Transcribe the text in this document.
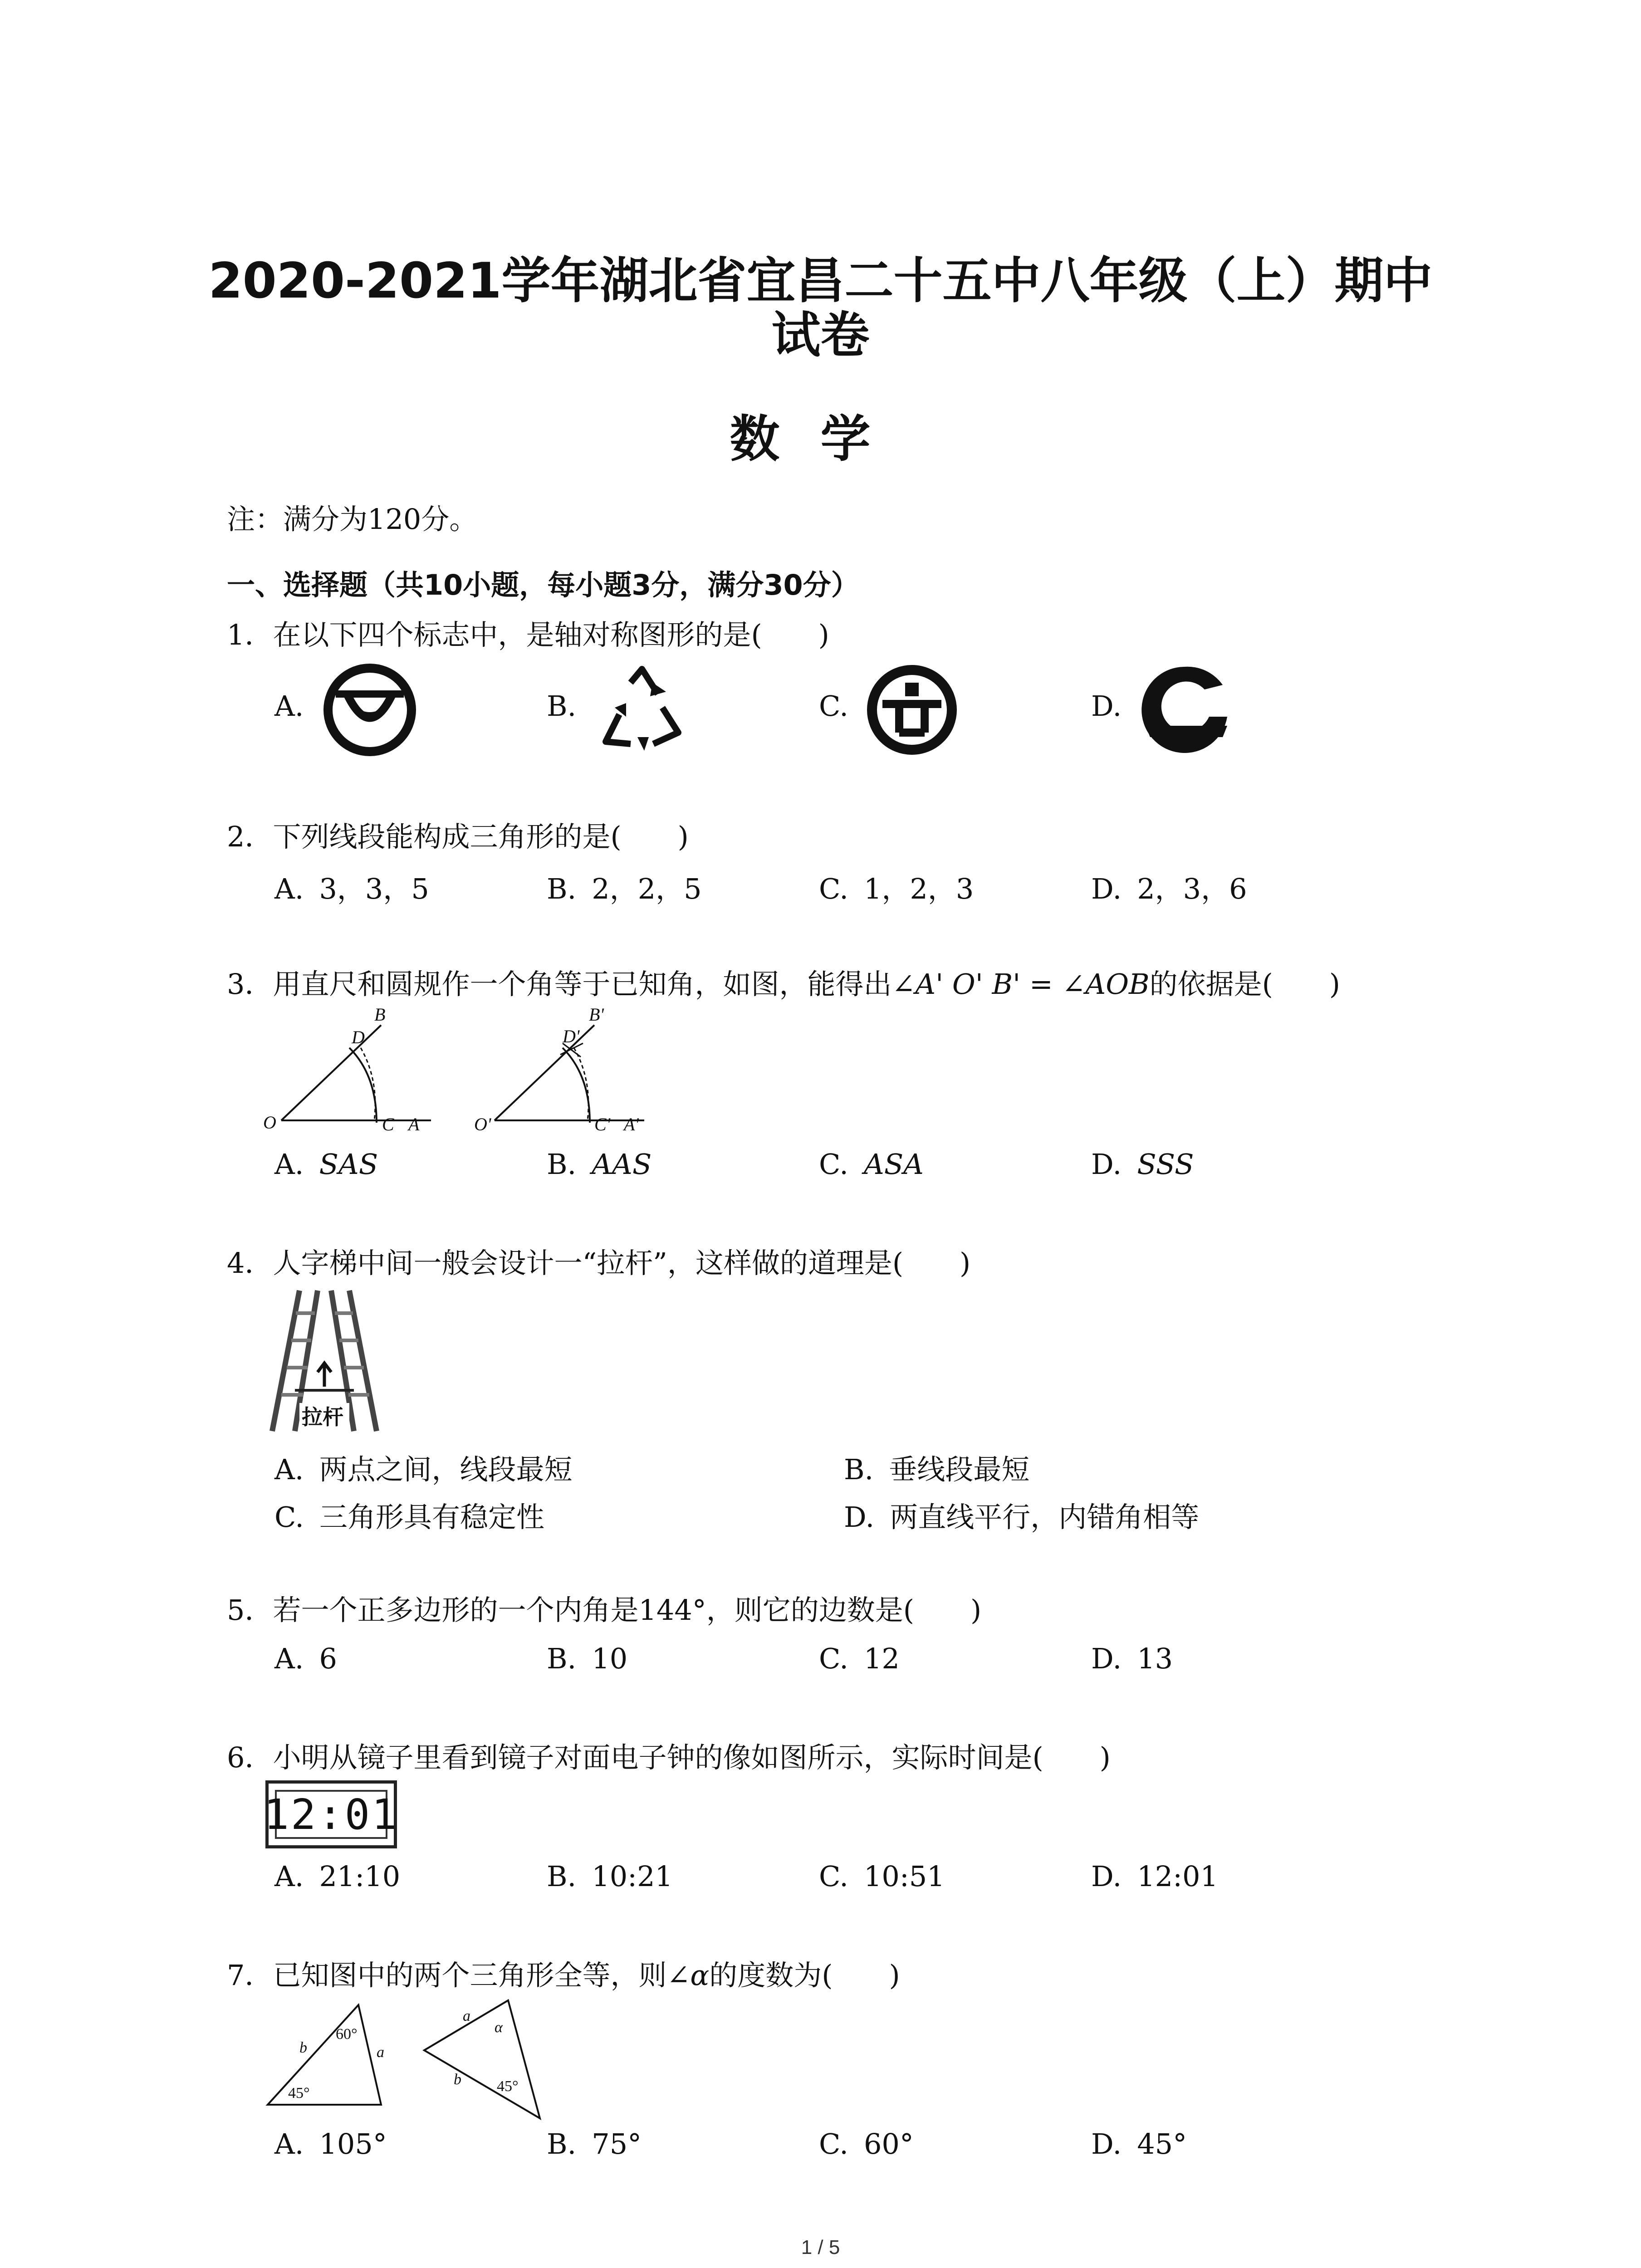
2020-2021学年湖北省宜昌二十五中八年级（上）期中
试卷
数学
注：满分为120分。
一、选择题（共10小题，每小题3分，满分30分）
1．在以下四个标志中，是轴对称图形的是(　　)
A.	B.	C.	D.
2．下列线段能构成三角形的是(　　)
A. 3，3，5	B. 2，2，5	C. 1，2，3	D. 2，3，6
3．用直尺和圆规作一个角等于已知角，如图，能得出∠A' O' B' = ∠AOB的依据是(　　)
B
D
O	C A
B'
D'
O'	C' A'
A. SAS	B. AAS	C. ASA	D. SSS
4．人字梯中间一般会设计一“拉杆”，这样做的道理是(　　)
拉杆
A. 两点之间，线段最短	B. 垂线段最短
C. 三角形具有稳定性	D. 两直线平行，内错角相等
5．若一个正多边形的一个内角是144°，则它的边数是(　　)
A. 6	B. 10	C. 12	D. 13
6．小明从镜子里看到镜子对面电子钟的像如图所示，实际时间是(　　)
12:01
A. 21:10	B. 10:21	C. 10:51	D. 12:01
7．已知图中的两个三角形全等，则∠α的度数为(　　)
b
60°
a
45°
a
α
45°
b
A. 105°	B. 75°	C. 60°	D. 45°
1 / 5
